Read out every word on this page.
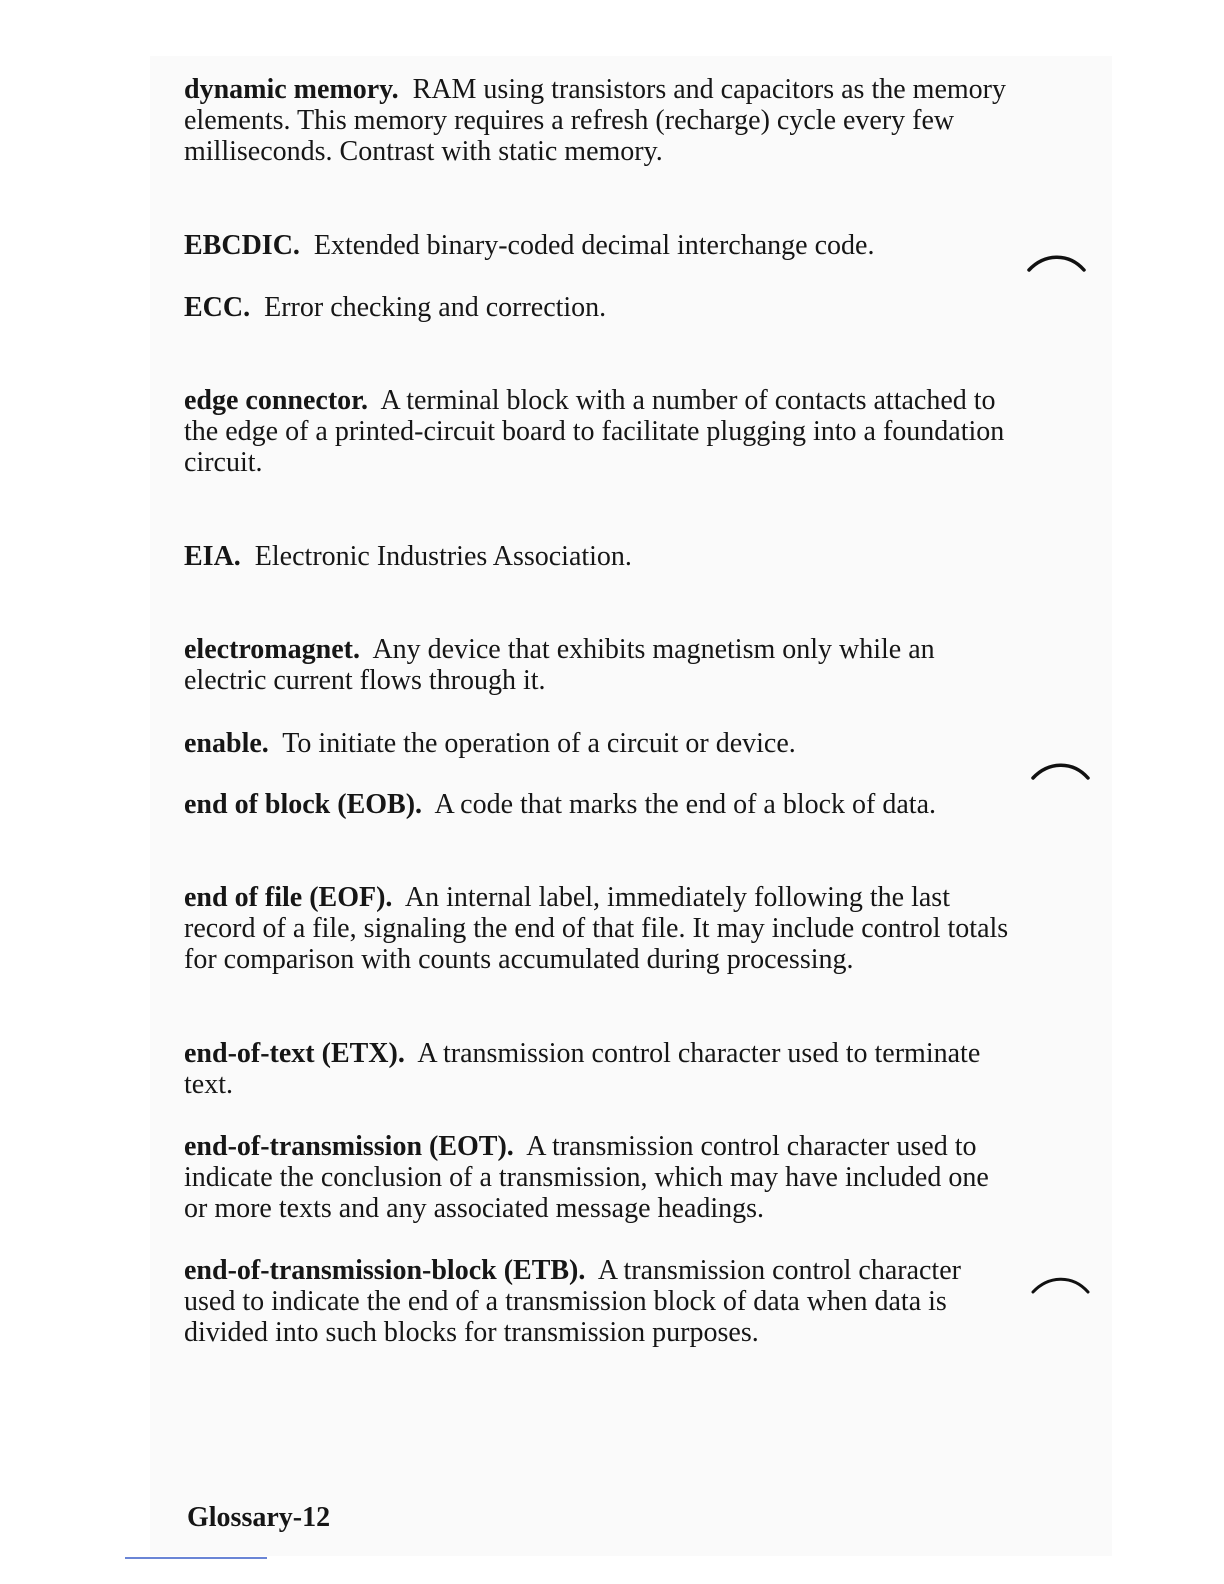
dynamic memory. RAM using transistors and capacitors as the memory elements. This memory requires a refresh (recharge) cycle every few milliseconds. Contrast with static memory.

EBCDIC. Extended binary-coded decimal interchange code.

ECC. Error checking and correction.

edge connector. A terminal block with a number of contacts attached to the edge of a printed-circuit board to facilitate plugging into a foundation circuit.

EIA. Electronic Industries Association.

electromagnet. Any device that exhibits magnetism only while an electric current flows through it.

enable. To initiate the operation of a circuit or device.

end of block (EOB). A code that marks the end of a block of data.

end of file (EOF). An internal label, immediately following the last record of a file, signaling the end of that file. It may include control totals for comparison with counts accumulated during processing.

end-of-text (ETX). A transmission control character used to terminate text.

end-of-transmission (EOT). A transmission control character used to indicate the conclusion of a transmission, which may have included one or more texts and any associated message headings.

end-of-transmission-block (ETB). A transmission control character used to indicate the end of a transmission block of data when data is divided into such blocks for transmission purposes.

Glossary-12
